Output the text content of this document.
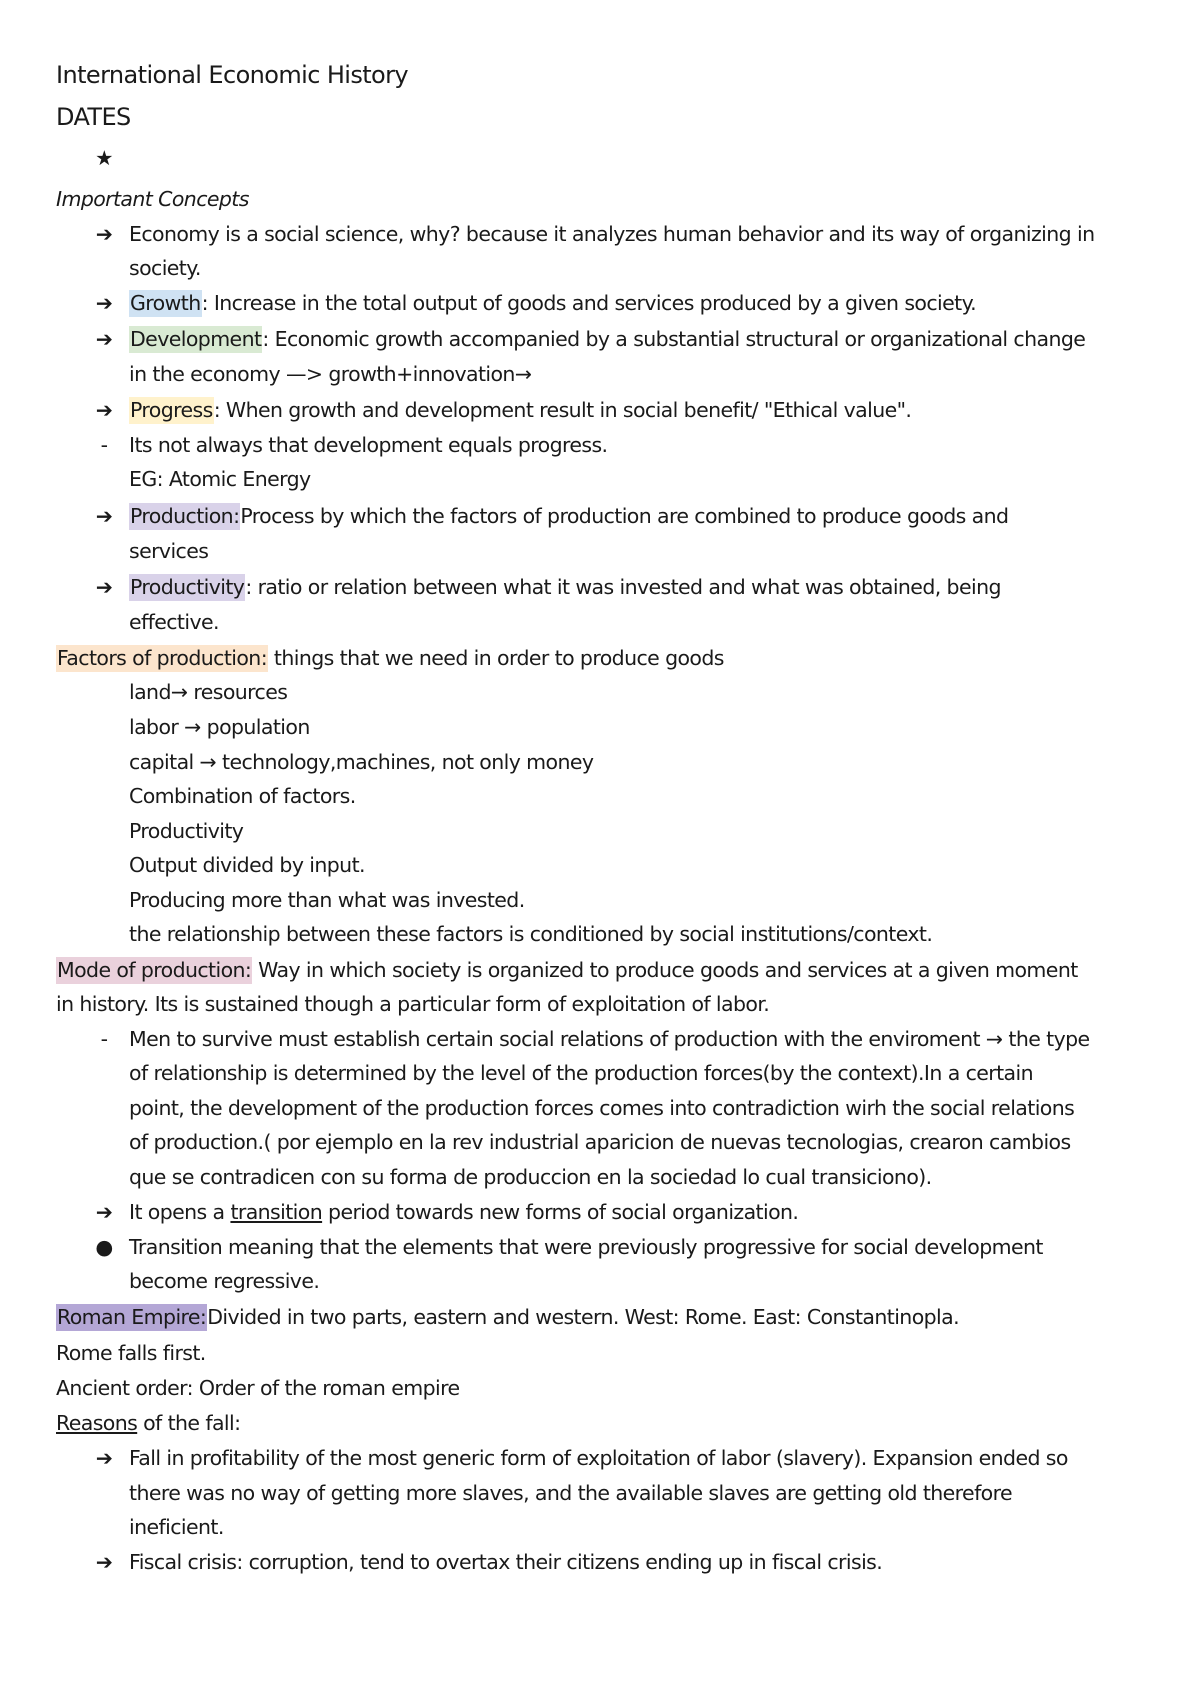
International Economic History
DATES
★
Important Concepts
➔ Economy is a social science, why? because it analyzes human behavior and its way of organizing in
society.
➔ Growth: Increase in the total output of goods and services produced by a given society.
➔ Development: Economic growth accompanied by a substantial structural or organizational change
in the economy —> growth+innovation→
➔ Progress: When growth and development result in social benefit/ "Ethical value".
-	Its not always that development equals progress.
EG: Atomic Energy
➔ Production:Process by which the factors of production are combined to produce goods and
services
➔ Productivity: ratio or relation between what it was invested and what was obtained, being
effective.
Factors of production: things that we need in order to produce goods
land→ resources
labor → population
capital → technology,machines, not only money
Combination of factors.
Productivity
Output divided by input.
Producing more than what was invested.
the relationship between these factors is conditioned by social institutions/context.
Mode of production: Way in which society is organized to produce goods and services at a given moment
in history. Its is sustained though a particular form of exploitation of labor.
-	Men to survive must establish certain social relations of production with the enviroment → the type
of relationship is determined by the level of the production forces(by the context).In a certain
point, the development of the production forces comes into contradiction wirh the social relations
of production.( por ejemplo en la rev industrial aparicion de nuevas tecnologias, crearon cambios
que se contradicen con su forma de produccion en la sociedad lo cual transiciono).
➔ It opens a transition period towards new forms of social organization.
● Transition meaning that the elements that were previously progressive for social development
become regressive.
Roman Empire:Divided in two parts, eastern and western. West: Rome. East: Constantinopla.
Rome falls first.
Ancient order: Order of the roman empire
Reasons of the fall:
➔ Fall in profitability of the most generic form of exploitation of labor (slavery). Expansion ended so
there was no way of getting more slaves, and the available slaves are getting old therefore
ineficient.
➔ Fiscal crisis: corruption, tend to overtax their citizens ending up in fiscal crisis.
